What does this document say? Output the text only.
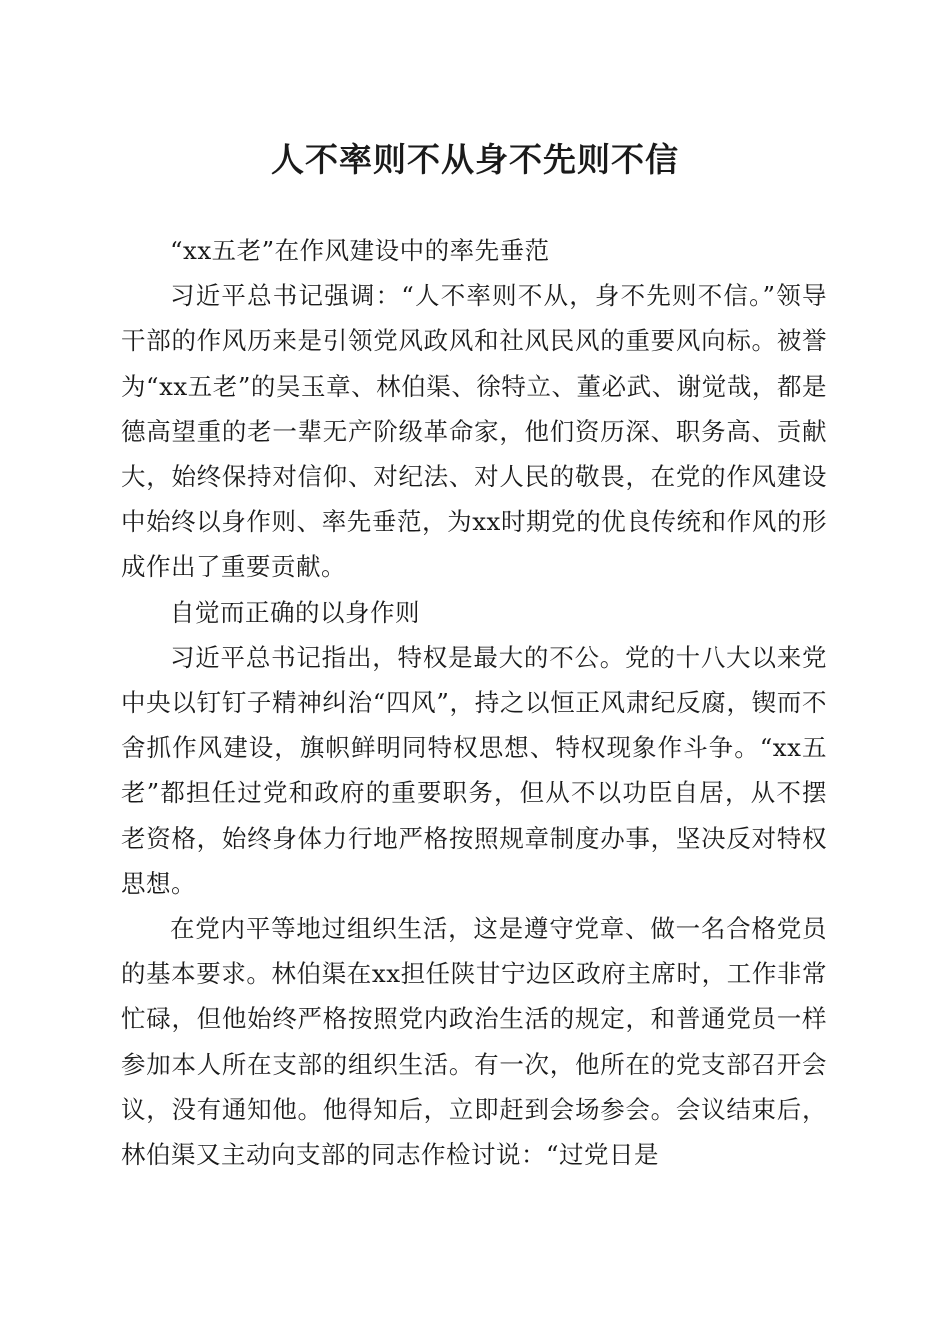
人不率则不从身不先则不信

“xx五老”在作风建设中的率先垂范

习近平总书记强调：“人不率则不从，身不先则不信。”领导干部的作风历来是引领党风政风和社风民风的重要风向标。被誉为“xx五老”的吴玉章、林伯渠、徐特立、董必武、谢觉哉，都是德高望重的老一辈无产阶级革命家，他们资历深、职务高、贡献大，始终保持对信仰、对纪法、对人民的敬畏，在党的作风建设中始终以身作则、率先垂范，为xx时期党的优良传统和作风的形成作出了重要贡献。

自觉而正确的以身作则

习近平总书记指出，特权是最大的不公。党的十八大以来党中央以钉钉子精神纠治“四风”，持之以恒正风肃纪反腐，锲而不舍抓作风建设，旗帜鲜明同特权思想、特权现象作斗争。“xx五老”都担任过党和政府的重要职务，但从不以功臣自居，从不摆老资格，始终身体力行地严格按照规章制度办事，坚决反对特权思想。

在党内平等地过组织生活，这是遵守党章、做一名合格党员的基本要求。林伯渠在xx担任陕甘宁边区政府主席时，工作非常忙碌，但他始终严格按照党内政治生活的规定，和普通党员一样参加本人所在支部的组织生活。有一次，他所在的党支部召开会议，没有通知他。他得知后，立即赶到会场参会。会议结束后，林伯渠又主动向支部的同志作检讨说：“过党日是
